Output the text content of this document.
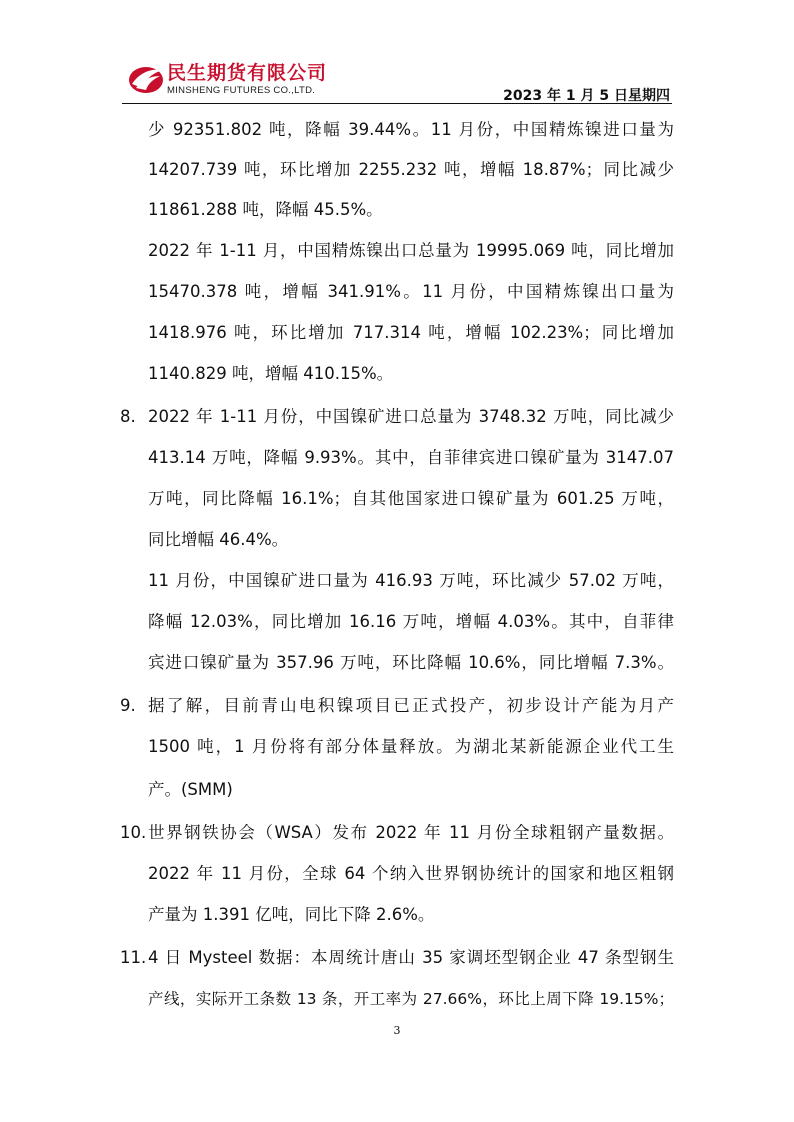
民生期货有限公司
MINSHENG FUTURES CO.,LTD.	2023 年 1 月 5 日星期四
少 92351.802 吨，降幅 39.44%。11 月份，中国精炼镍进口量为
14207.739 吨，环比增加 2255.232 吨，增幅 18.87%；同比减少
11861.288 吨，降幅 45.5%。
2022 年 1-11 月，中国精炼镍出口总量为 19995.069 吨，同比增加
15470.378 吨，增幅 341.91%。11 月份，中国精炼镍出口量为
1418.976 吨，环比增加 717.314 吨，增幅 102.23%；同比增加
1140.829 吨，增幅 410.15%。
8. 2022 年 1-11 月份，中国镍矿进口总量为 3748.32 万吨，同比减少
413.14 万吨，降幅 9.93%。其中，自菲律宾进口镍矿量为 3147.07
万吨，同比降幅 16.1%；自其他国家进口镍矿量为 601.25 万吨，
同比增幅 46.4%。
11 月份，中国镍矿进口量为 416.93 万吨，环比减少 57.02 万吨，
降幅 12.03%，同比增加 16.16 万吨，增幅 4.03%。其中，自菲律
宾进口镍矿量为 357.96 万吨，环比降幅 10.6%，同比增幅 7.3%。
9. 据了解，目前青山电积镍项目已正式投产，初步设计产能为月产
1500 吨，1 月份将有部分体量释放。为湖北某新能源企业代工生
产。(SMM)
10. 世界钢铁协会（WSA）发布 2022 年 11 月份全球粗钢产量数据。
2022 年 11 月份，全球 64 个纳入世界钢协统计的国家和地区粗钢
产量为 1.391 亿吨，同比下降 2.6%。
11. 4 日 Mysteel 数据：本周统计唐山 35 家调坯型钢企业 47 条型钢生
产线，实际开工条数 13 条，开工率为 27.66%，环比上周下降 19.15%；
3
